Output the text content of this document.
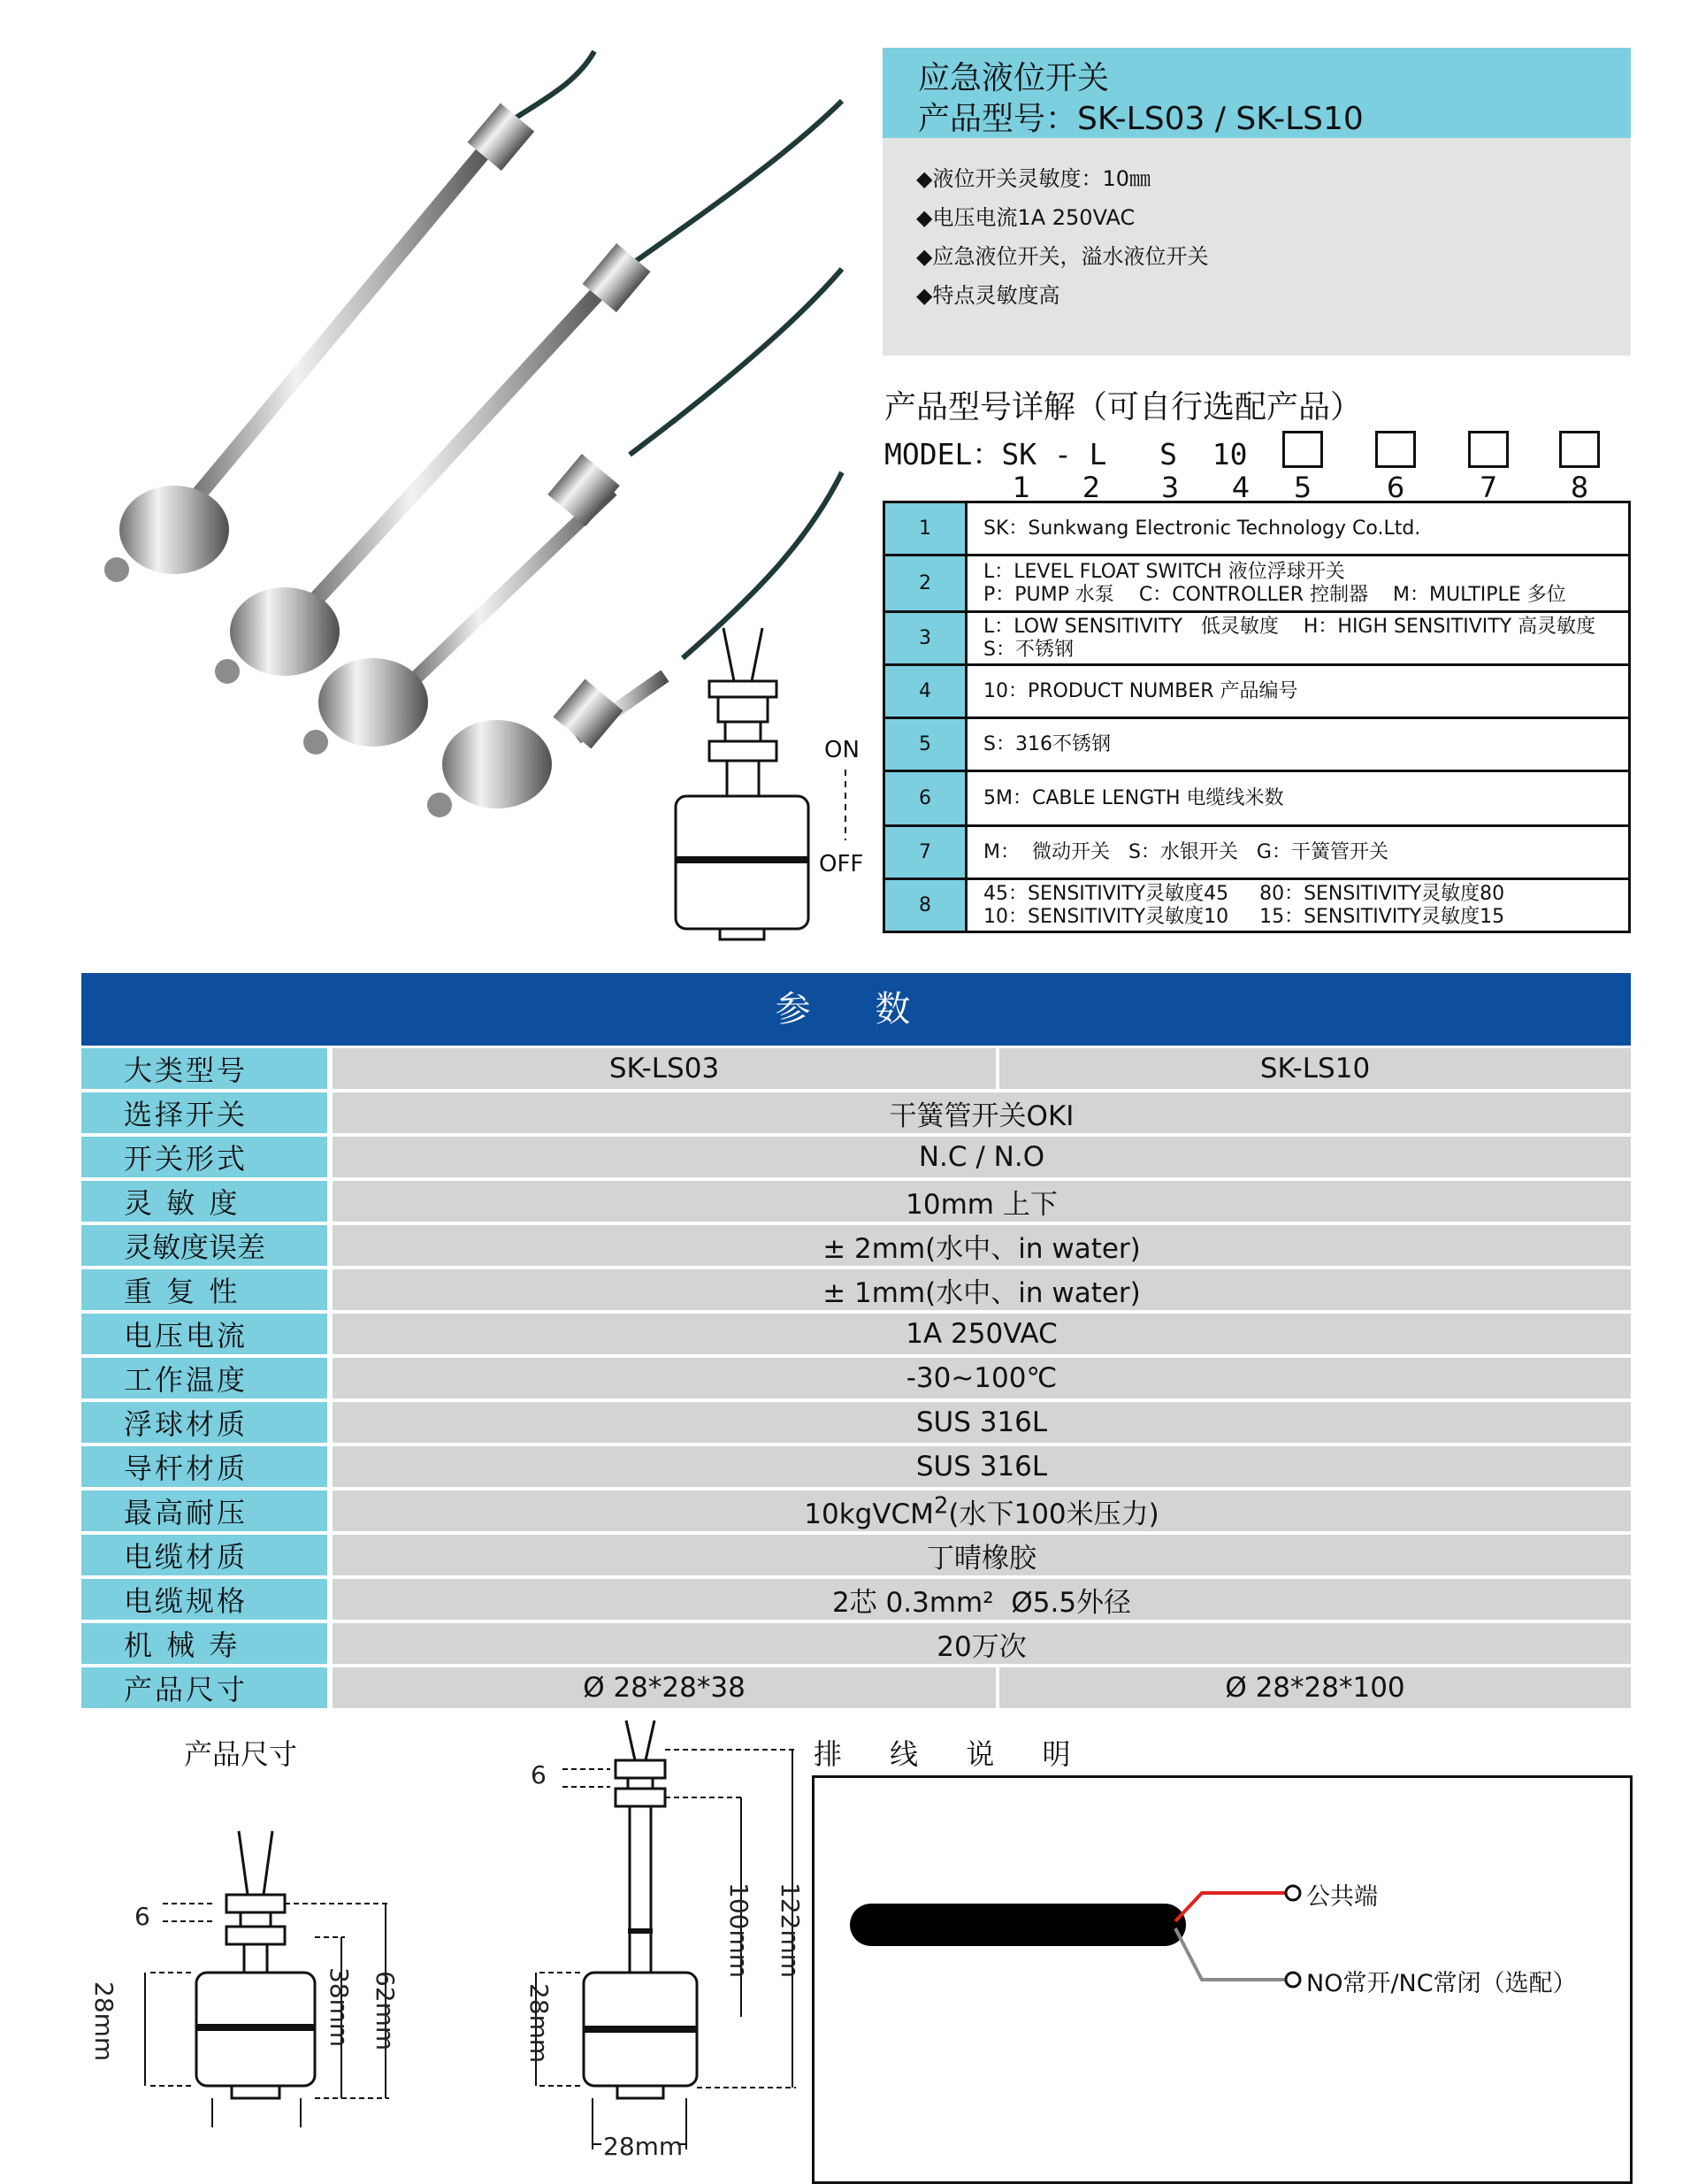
ON
OFF
应急液位开关
产品型号：SK-LS03 / SK-LS10
◆液位开关灵敏度：10㎜
◆电压电流1A 250VAC
◆应急液位开关，溢水液位开关
◆特点灵敏度高
产品型号详解（可自行选配产品）
MODEL：SK - L   S  10
1	2	3	4	5	6	7	8
1	SK：Sunkwang Electronic Technology Co.Ltd.

2	L：LEVEL FLOAT SWITCH 液位浮球开关
P：PUMP 水泵    C：CONTROLLER 控制器    M：MULTIPLE 多位

3	L：LOW SENSITIVITY   低灵敏度    H：HIGH SENSITIVITY 高灵敏度
S：不锈钢

4	10：PRODUCT NUMBER 产品编号

5	S：316不锈钢

6	5M：CABLE LENGTH 电缆线米数

7	M：  微动开关   S：水银开关   G：干簧管开关

8	45：SENSITIVITY灵敏度45     80：SENSITIVITY灵敏度80
10：SENSITIVITY灵敏度10     15：SENSITIVITY灵敏度15
参 数
大类型号	SK-LS03	SK-LS10
选择开关	干簧管开关OKI	
开关形式	N.C / N.O	
灵 敏 度	10mm 上下	
灵敏度误差	± 2mm(水中、in water)	
重 复 性	± 1mm(水中、in water)	
电压电流	1A 250VAC	
工作温度	-30~100℃	
浮球材质	SUS 316L	
导杆材质	SUS 316L	
最高耐压	10kgVCM$^2$(水下100米压力)	
电缆材质	丁晴橡胶	
电缆规格	2芯 0.3mm²  Ø5.5外径	
机 械 寿	20万次	
产品尺寸	Ø 28*28*38	Ø 28*28*100
产品尺寸
6
28mm	38mm 62mm
6
28mm
100mm 122mm
28mm
排 线 说 明
公共端
NO常开/NC常闭（选配）
